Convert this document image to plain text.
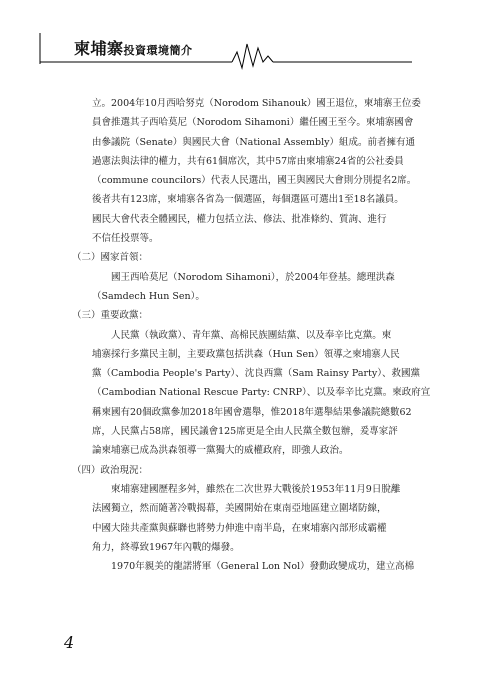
柬埔寨投資環境簡介
立。2004年10月西哈努克（Norodom Sihanouk）國王退位，柬埔寨王位委
員會推選其子西哈莫尼（Norodom Sihamoni）繼任國王至今。柬埔寨國會
由參議院（Senate）與國民大會（National Assembly）組成。前者擁有通
過憲法與法律的權力，共有61個席次，其中57席由柬埔寨24省的公社委員
（commune councilors）代表人民選出，國王與國民大會則分別提名2席。
後者共有123席，柬埔寨各省為一個選區，每個選區可選出1至18名議員。
國民大會代表全體國民，權力包括立法、修法、批准條約、質詢、進行
不信任投票等。
（二）國家首領：
　　國王西哈莫尼（Norodom Sihamoni），於2004年登基。總理洪森
（Samdech Hun Sen）。
（三）重要政黨：
　　人民黨（執政黨）、青年黨、高棉民族團結黨、以及奉辛比克黨。柬
埔寨採行多黨民主制，主要政黨包括洪森（Hun Sen）領導之柬埔寨人民
黨（Cambodia People's Party）、沈良西黨（Sam Rainsy Party）、救國黨
（Cambodian National Rescue Party: CNRP）、以及奉辛比克黨。柬政府宣
稱柬國有20個政黨參加2018年國會選舉，惟2018年選舉結果參議院總數62
席，人民黨占58席，國民議會125席更是全由人民黨全數包辦，爰專家評
論柬埔寨已成為洪森領導一黨獨大的威權政府，即強人政治。
（四）政治現況：
　　柬埔寨建國歷程多舛，雖然在二次世界大戰後於1953年11月9日脫離
法國獨立，然而隨著冷戰揭幕，美國開始在東南亞地區建立圍堵防線，
中國大陸共產黨與蘇聯也將勢力伸進中南半島，在柬埔寨內部形成霸權
角力，終導致1967年內戰的爆發。
　　1970年親美的龍諾將軍（General Lon Nol）發動政變成功，建立高棉
4
